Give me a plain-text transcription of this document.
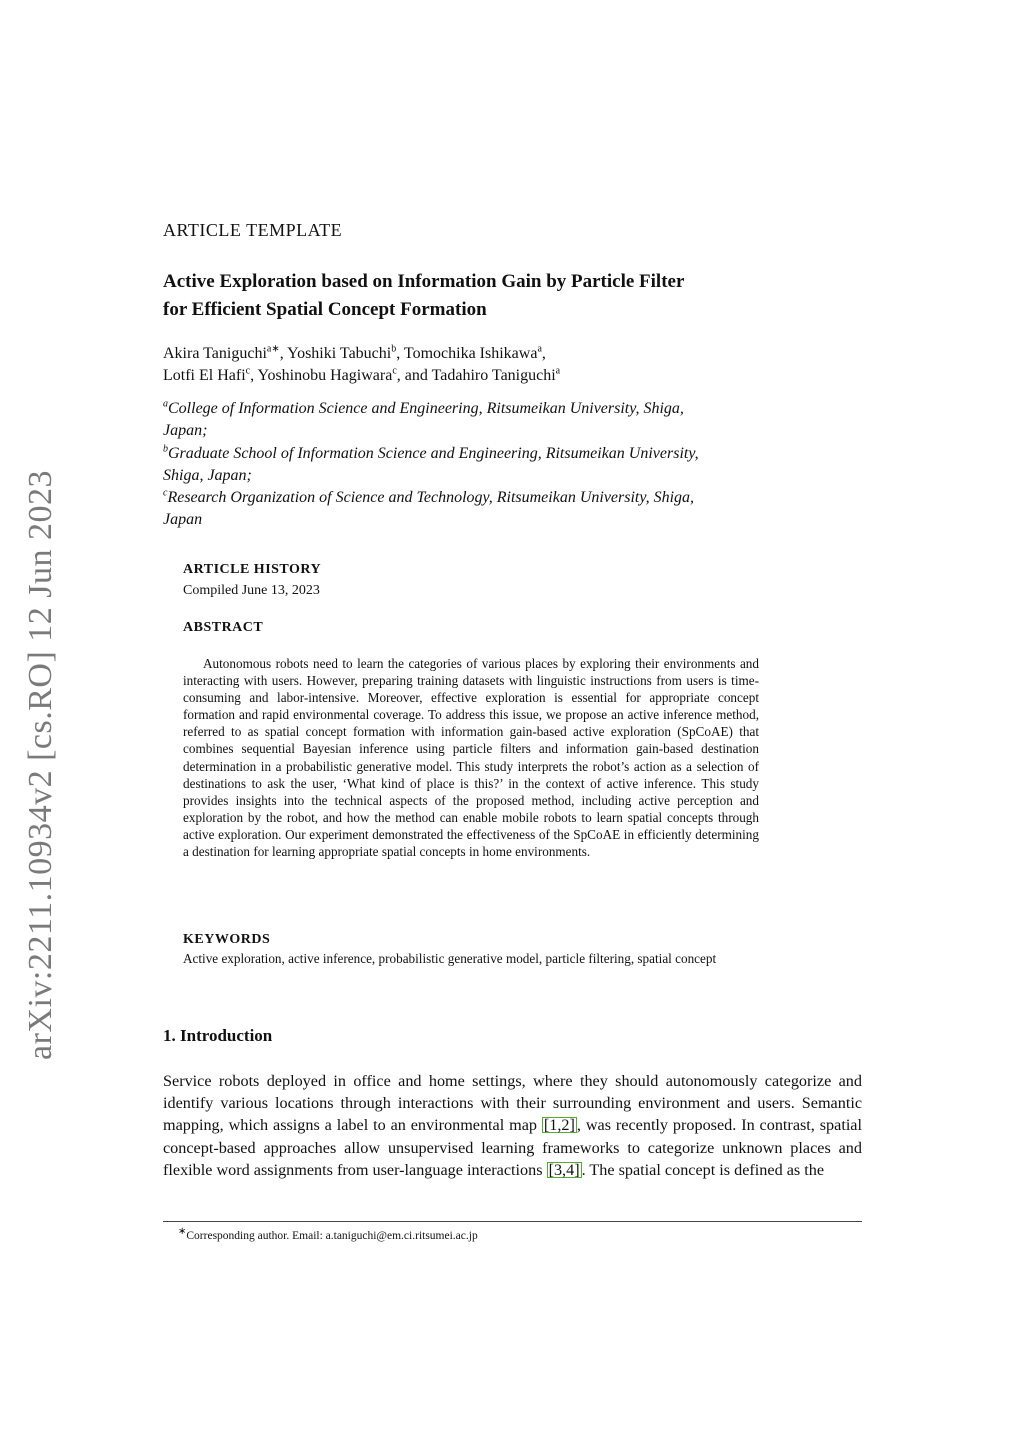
arXiv:2211.10934v2 [cs.RO] 12 Jun 2023
ARTICLE TEMPLATE
Active Exploration based on Information Gain by Particle Filter
for Efficient Spatial Concept Formation
Akira Taniguchi$^{a∗}$, Yoshiki Tabuchi$^b$, Tomochika Ishikawa$^a$,
Lotfi El Hafi$^c$, Yoshinobu Hagiwara$^c$, and Tadahiro Taniguchi$^a$
$^a$College of Information Science and Engineering, Ritsumeikan University, Shiga,
Japan;
$^b$Graduate School of Information Science and Engineering, Ritsumeikan University,
Shiga, Japan;
$^c$Research Organization of Science and Technology, Ritsumeikan University, Shiga,
Japan
ARTICLE HISTORY
Compiled June 13, 2023
ABSTRACT

Autonomous robots need to learn the categories of various places by exploring their environments and interacting with users. However, preparing training datasets with linguistic instructions from users is time-consuming and labor-intensive. Moreover, effective exploration is essential for appropriate concept formation and rapid environmental coverage. To address this issue, we propose an active inference method, referred to as spatial concept formation with information gain-based active exploration (SpCoAE) that combines sequential Bayesian inference using particle filters and information gain-based destination determination in a probabilistic generative model. This study interprets the robot’s action as a selection of destinations to ask the user, ‘What kind of place is this?’ in the context of active inference. This study provides insights into the technical aspects of the proposed method, including active perception and exploration by the robot, and how the method can enable mobile robots to learn spatial concepts through active exploration. Our experiment demonstrated the effectiveness of the SpCoAE in efficiently determining a destination for learning appropriate spatial concepts in home environments.

KEYWORDS

Active exploration, active inference, probabilistic generative model, particle filtering, spatial concept

1. Introduction

Service robots deployed in office and home settings, where they should autonomously categorize and identify various locations through interactions with their surrounding environment and users. Semantic mapping, which assigns a label to an environmental map [1,2] , was recently proposed. In contrast, spatial concept-based approaches allow unsupervised learning frameworks to categorize unknown places and flexible word assignments from user-language interactions [3,4] . The spatial concept is defined as the

∗Corresponding author. Email: a.taniguchi@em.ci.ritsumei.ac.jp
